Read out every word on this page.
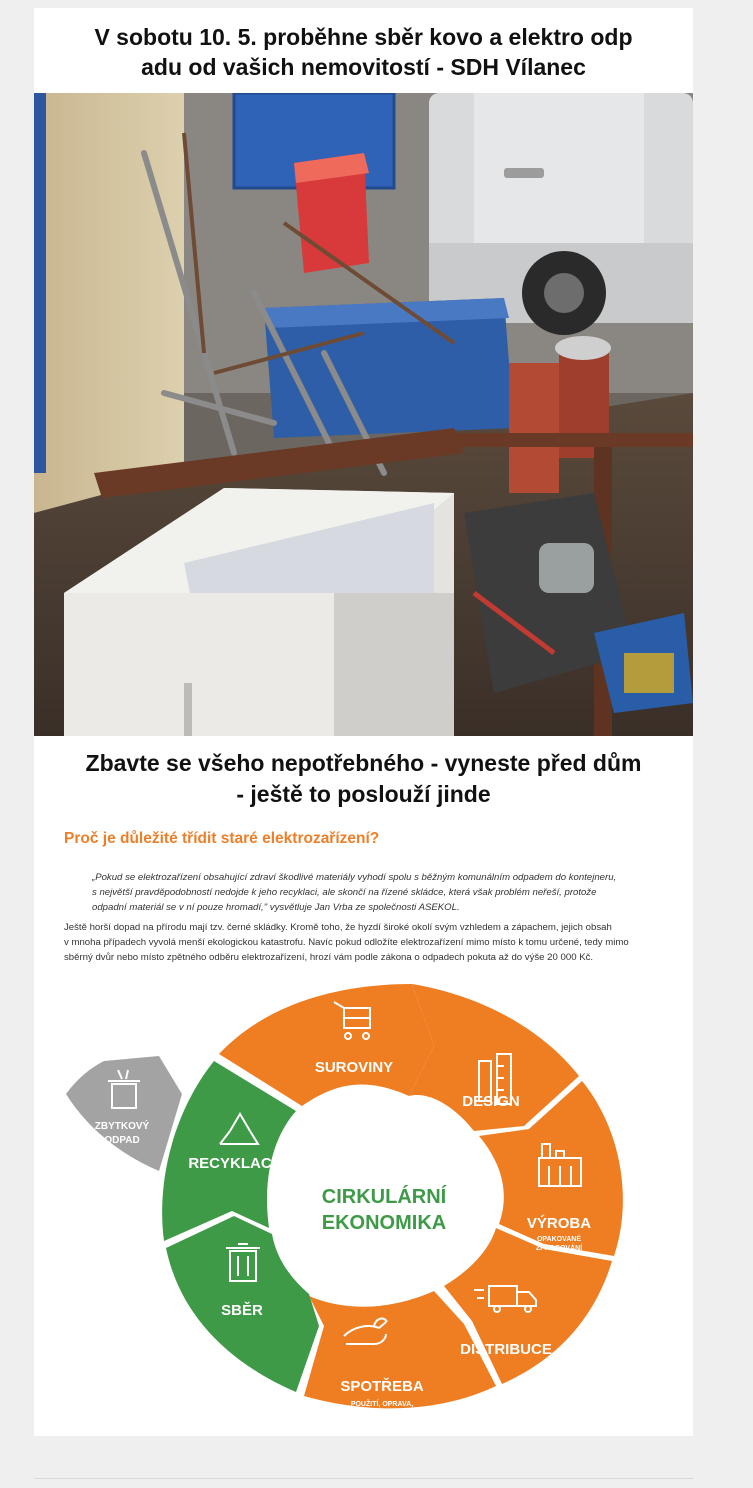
V sobotu 10. 5. proběhne sběr kovo a elektro odp
adu od vašich nemovitostí - SDH Vílanec
Zbavte se všeho nepotřebného - vyneste před dům
- ještě to poslouží jinde
Proč je důležité třídit staré elektrozařízení?

„Pokud se elektrozařízení obsahující zdraví škodlivé materiály vyhodí spolu s běžným komunálním odpadem do kontejneru,
s největší pravděpodobností nedojde k jeho recyklaci, ale skončí na řízené skládce, která však problém neřeší, protože
odpadní materiál se v ní pouze hromadí," vysvětluje Jan Vrba ze společnosti ASEKOL.

Ještě horší dopad na přírodu mají tzv. černé skládky. Kromě toho, že hyzdí široké okolí svým vzhledem a zápachem, jejich obsah
v mnoha případech vyvolá menší ekologickou katastrofu. Navíc pokud odložíte elektrozařízení mimo místo k tomu určené, tedy mimo
sběrný dvůr nebo místo zpětného odběru elektrozařízení, hrozí vám podle zákona o odpadech pokuta až do výše 20 000 Kč.

CIRKULÁRNÍ
EKONOMIKA
SUROVINY
DESIGN
VÝROBA
OPAKOVANÉ
ZPRACOVÁNÍ
DISTRIBUCE
SPOTŘEBA
POUŽITÍ, OPRAVA,
ZNOVUPOUŽITÍ
SBĚR
RECYKLACE
ZBYTKOVÝ
ODPAD
